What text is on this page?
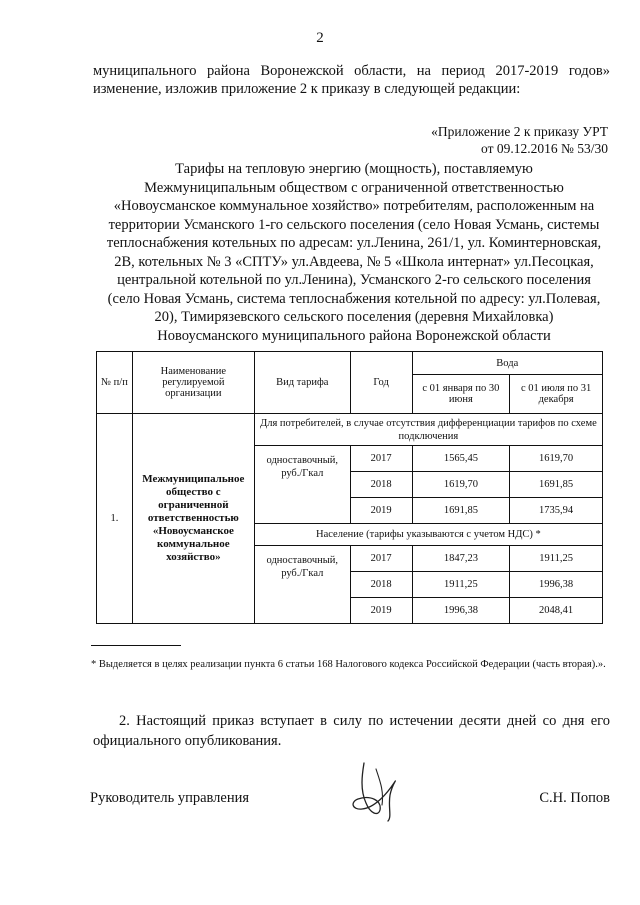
2
муниципального района Воронежской области, на период 2017-2019 годов»
изменение, изложив приложение 2 к приказу в следующей редакции:
«Приложение 2 к приказу УРТ
от 09.12.2016 № 53/30
Тарифы на тепловую энергию (мощность), поставляемую
Межмуниципальным обществом с ограниченной ответственностью
«Новоусманское коммунальное хозяйство» потребителям, расположенным на
территории Усманского 1-го сельского поселения (село Новая Усмань, системы
теплоснабжения котельных по адресам: ул.Ленина, 261/1, ул. Коминтерновская,
2В, котельных № 3 «СПТУ» ул.Авдеева, № 5 «Школа интернат» ул.Песоцкая,
центральной котельной по ул.Ленина), Усманского 2-го сельского поселения
(село Новая Усмань, система теплоснабжения котельной по адресу: ул.Полевая,
20), Тимирязевского сельского поселения (деревня Михайловка)
Новоусманского муниципального района Воронежской области
№ п/п	Наименование регулируемой организации	Вид тарифа	Год	Вода	
				с 01 января по 30 июня	с 01 июля по 31 декабря
1.	Межмуниципальное общество с ограниченной ответственностью «Новоусманское коммунальное хозяйство»	Для потребителей, в случае отсутствия дифференциации тарифов по схеме подключения			
		одноставочный, руб./Гкал	2017	1565,45	1619,70
			2018	1619,70	1691,85
			2019	1691,85	1735,94
		Население (тарифы указываются с учетом НДС) *			
		одноставочный, руб./Гкал	2017	1847,23	1911,25
			2018	1911,25	1996,38
			2019	1996,38	2048,41
* Выделяется в целях реализации пункта 6 статьи 168 Налогового кодекса Российской Федерации (часть вторая).».
2. Настоящий приказ вступает в силу по истечении десяти дней со дня его официального опубликования.
Руководитель управления	С.Н. Попов
